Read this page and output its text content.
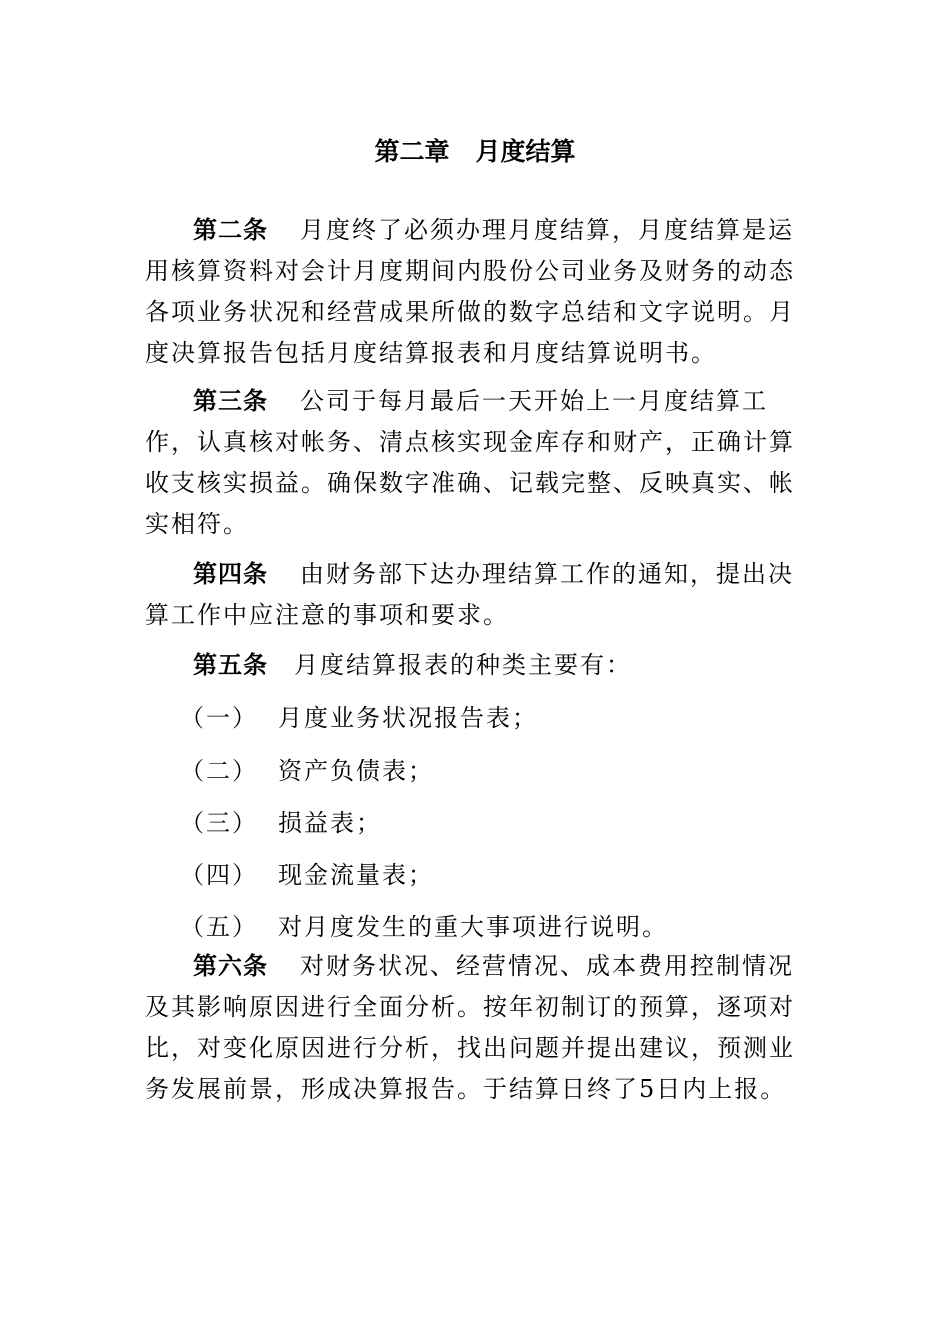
第二章 月度结算

第二条 月度终了必须办理月度结算，月度结算是运用核算资料对会计月度期间内股份公司业务及财务的动态各项业务状况和经营成果所做的数字总结和文字说明。月度决算报告包括月度结算报表和月度结算说明书。

第三条 公司于每月最后一天开始上一月度结算工作，认真核对帐务、清点核实现金库存和财产，正确计算收支核实损益。确保数字准确、记载完整、反映真实、帐实相符。

第四条 由财务部下达办理结算工作的通知，提出决算工作中应注意的事项和要求。

第五条 月度结算报表的种类主要有：

（一） 月度业务状况报告表；
（二） 资产负债表；
（三） 损益表；
（四） 现金流量表；
（五） 对月度发生的重大事项进行说明。

第六条 对财务状况、经营情况、成本费用控制情况及其影响原因进行全面分析。按年初制订的预算，逐项对比，对变化原因进行分析，找出问题并提出建议，预测业务发展前景，形成决算报告。于结算日终了5日内上报。
